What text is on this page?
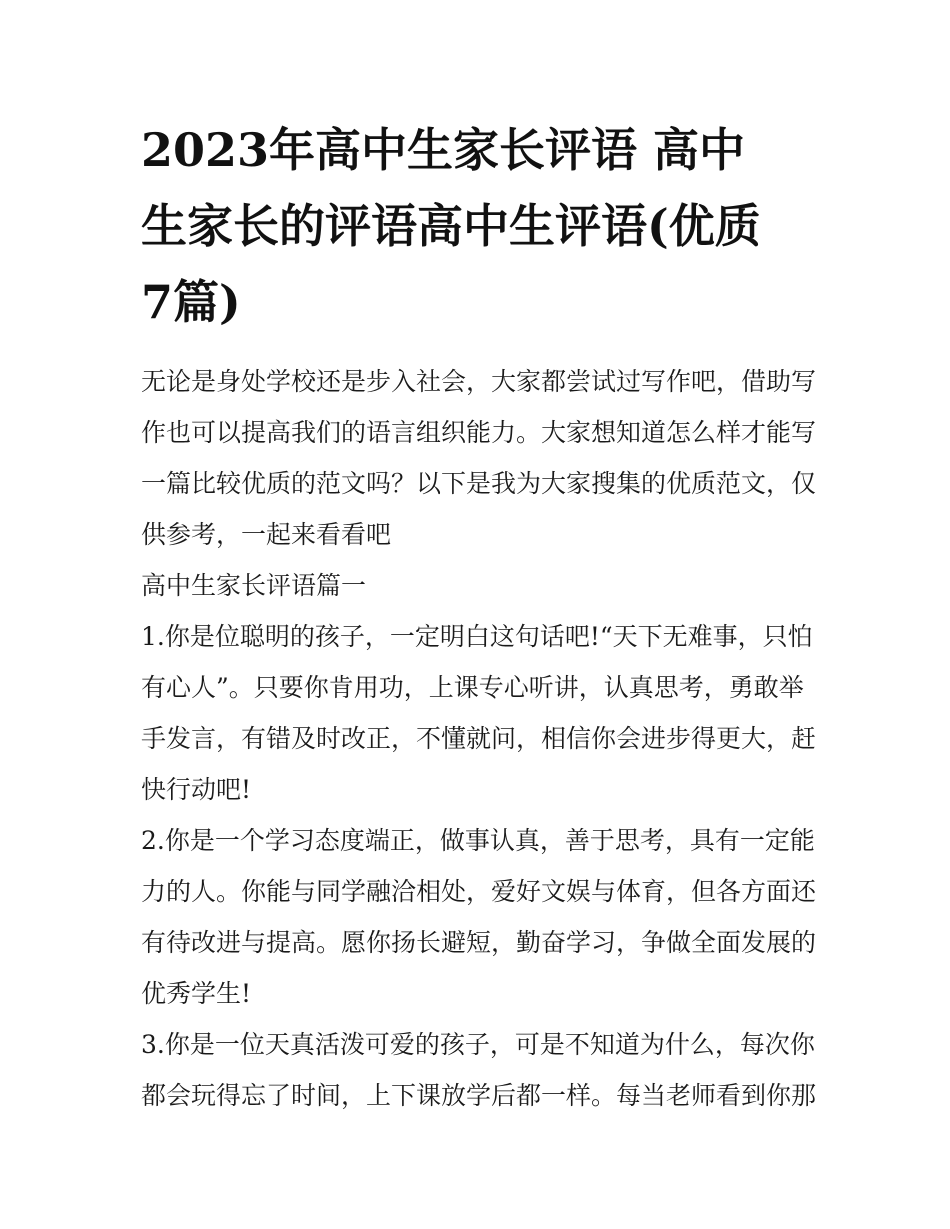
2023年高中生家长评语 高中
生家长的评语高中生评语(优质
7篇)

无论是身处学校还是步入社会，大家都尝试过写作吧，借助写
作也可以提高我们的语言组织能力。大家想知道怎么样才能写
一篇比较优质的范文吗？以下是我为大家搜集的优质范文，仅
供参考，一起来看看吧

高中生家长评语篇一

1.你是位聪明的孩子，一定明白这句话吧!“天下无难事，只怕
有心人”。只要你肯用功，上课专心听讲，认真思考，勇敢举
手发言，有错及时改正，不懂就问，相信你会进步得更大，赶
快行动吧!

2.你是一个学习态度端正，做事认真，善于思考，具有一定能
力的人。你能与同学融洽相处，爱好文娱与体育，但各方面还
有待改进与提高。愿你扬长避短，勤奋学习，争做全面发展的
优秀学生!

3.你是一位天真活泼可爱的孩子，可是不知道为什么，每次你
都会玩得忘了时间，上下课放学后都一样。每当老师看到你那
